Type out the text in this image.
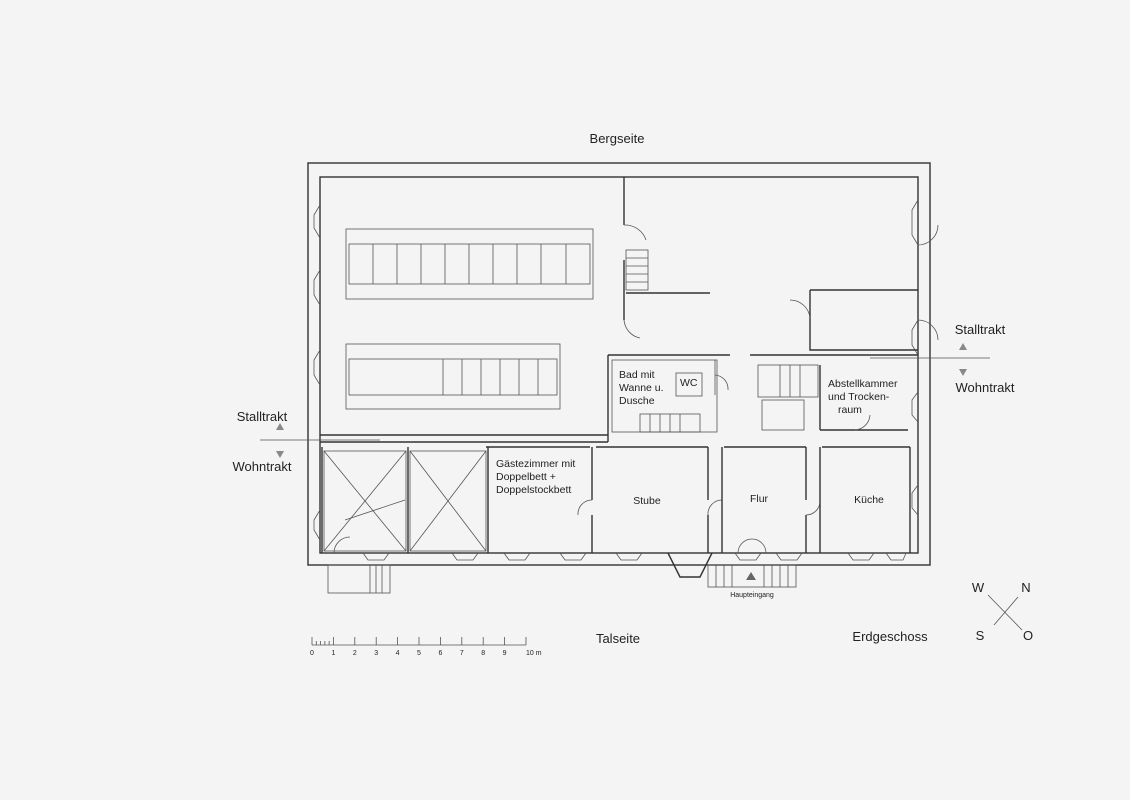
Bergseite
Talseite	Erdgeschoss
Haupteingang
Stalltrakt
Wohntrakt
Stalltrakt
Wohntrakt
Bad mit
Wanne u.
Dusche
WC	Abstellkammer
und Trocken-
raum
Gästezimmer mit
Doppelbett +
Doppelstockbett
Stube	Flur	Küche
W	N
S	O
0 1 2 3 4 5 6 7 8 9	10 m
